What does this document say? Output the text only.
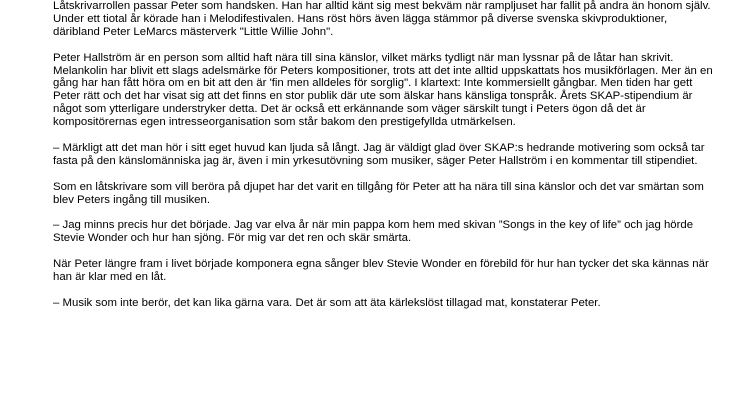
Låtskrivarrollen passar Peter som handsken. Han har alltid känt sig mest bekväm när rampljuset har fallit på andra än honom själv. Under ett tiotal år körade han i Melodifestivalen. Hans röst hörs även lägga stämmor på diverse svenska skivproduktioner, däribland Peter LeMarcs mästerverk "Little Willie John".

Peter Hallström är en person som alltid haft nära till sina känslor, vilket märks tydligt när man lyssnar på de låtar han skrivit. Melankolin har blivit ett slags adelsmärke för Peters kompositioner, trots att det inte alltid uppskattats hos musikförlagen. Mer än en gång har han fått höra om en bit att den är 'fin men alldeles för sorglig". I klartext: Inte kommersiellt gångbar. Men tiden har gett Peter rätt och det har visat sig att det finns en stor publik där ute som älskar hans känsliga tonspråk. Årets SKAP-stipendium är något som ytterligare understryker detta. Det är också ett erkännande som väger särskilt tungt i Peters ögon då det är kompositörernas egen intresseorganisation som står bakom den prestigefyllda utmärkelsen.

– Märkligt att det man hör i sitt eget huvud kan ljuda så långt. Jag är väldigt glad över SKAP:s hedrande motivering som också tar fasta på den känslomänniska jag är, även i min yrkesutövning som musiker, säger Peter Hallström i en kommentar till stipendiet.

Som en låtskrivare som vill beröra på djupet har det varit en tillgång för Peter att ha nära till sina känslor och det var smärtan som blev Peters ingång till musiken.

– Jag minns precis hur det började. Jag var elva år när min pappa kom hem med skivan ”Songs in the key of life” och jag hörde Stevie Wonder och hur han sjöng. För mig var det ren och skär smärta.

När Peter längre fram i livet började komponera egna sånger blev Stevie Wonder en förebild för hur han tycker det ska kännas när han är klar med en låt.

– Musik som inte berör, det kan lika gärna vara. Det är som att äta kärlekslöst tillagad mat, konstaterar Peter.
